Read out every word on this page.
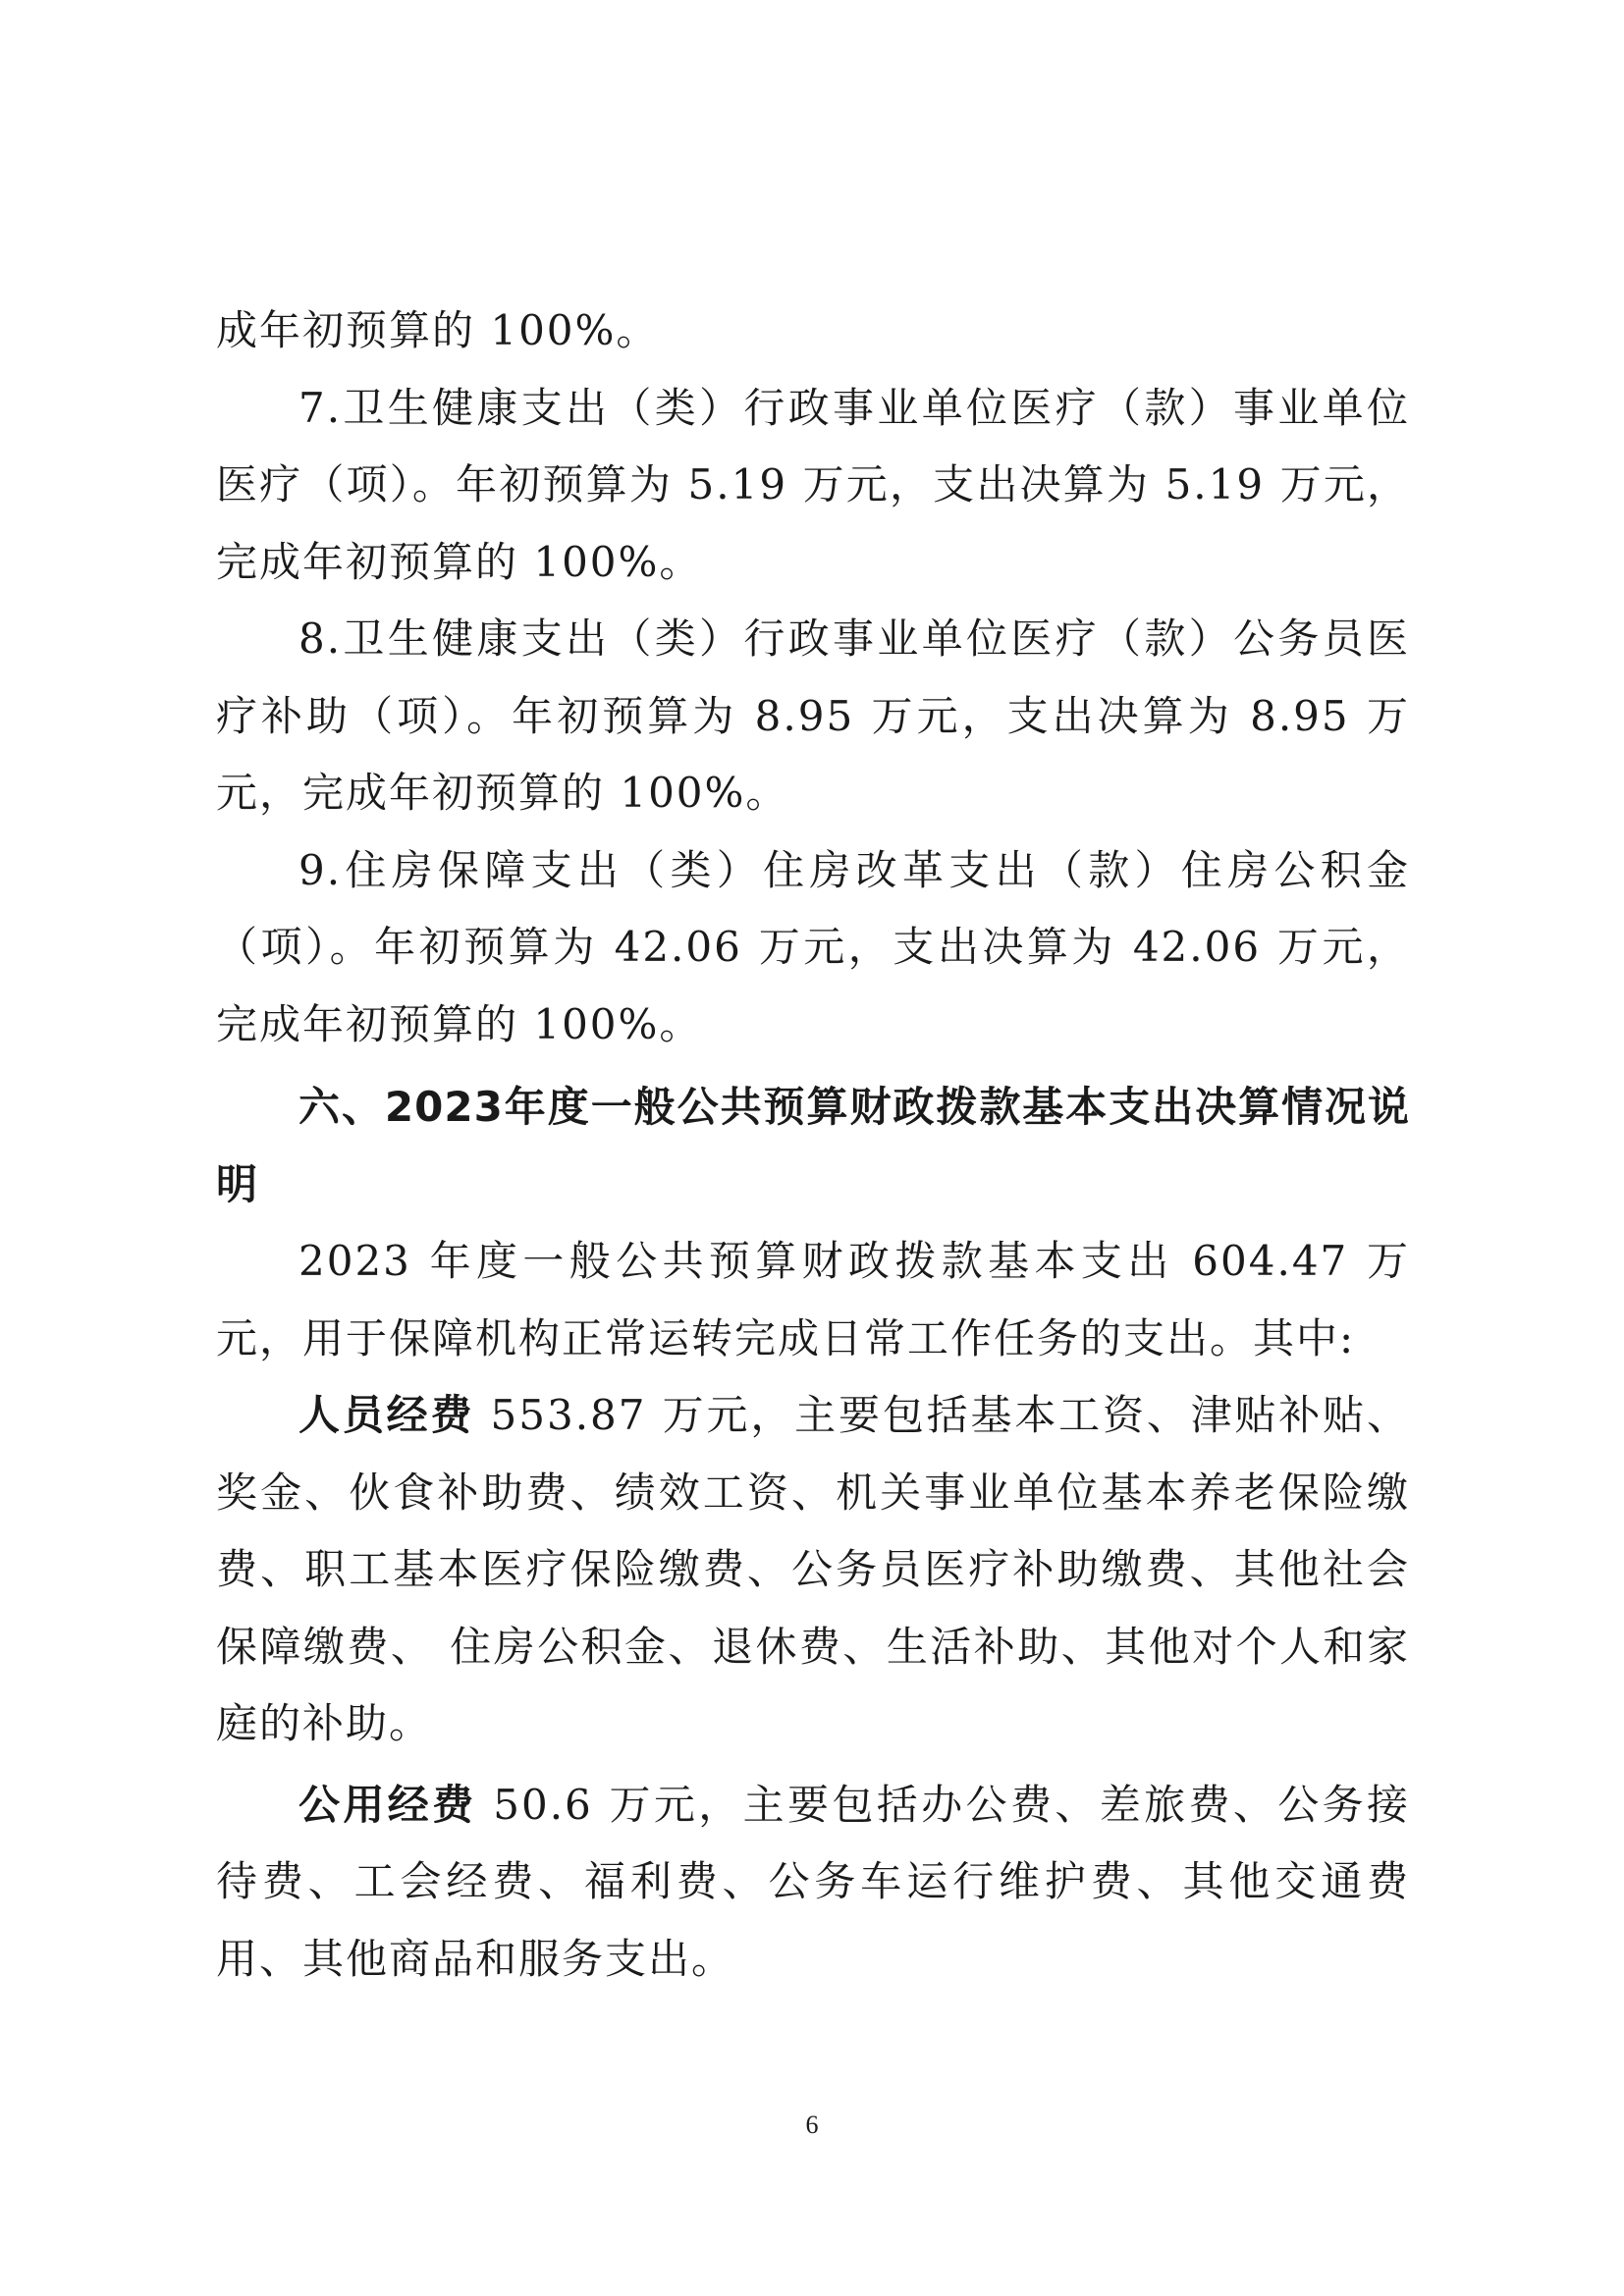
成年初预算的 100%。

7.卫生健康支出（类）行政事业单位医疗（款）事业单位医疗（项）。年初预算为 5.19 万元，支出决算为 5.19 万元，完成年初预算的 100%。

8.卫生健康支出（类）行政事业单位医疗（款）公务员医疗补助（项）。年初预算为 8.95 万元，支出决算为 8.95 万元，完成年初预算的 100%。

9.住房保障支出（类）住房改革支出（款）住房公积金（项）。年初预算为 42.06 万元，支出决算为 42.06 万元，完成年初预算的 100%。

六、2023年度一般公共预算财政拨款基本支出决算情况说明

2023 年度一般公共预算财政拨款基本支出 604.47 万元，用于保障机构正常运转完成日常工作任务的支出。其中:

人员经费 553.87 万元，主要包括基本工资、津贴补贴、奖金、伙食补助费、绩效工资、机关事业单位基本养老保险缴费、职工基本医疗保险缴费、公务员医疗补助缴费、其他社会保障缴费、 住房公积金、退休费、生活补助、其他对个人和家庭的补助。

公用经费 50.6 万元，主要包括办公费、差旅费、公务接待费、工会经费、福利费、公务车运行维护费、其他交通费用、其他商品和服务支出。

6
